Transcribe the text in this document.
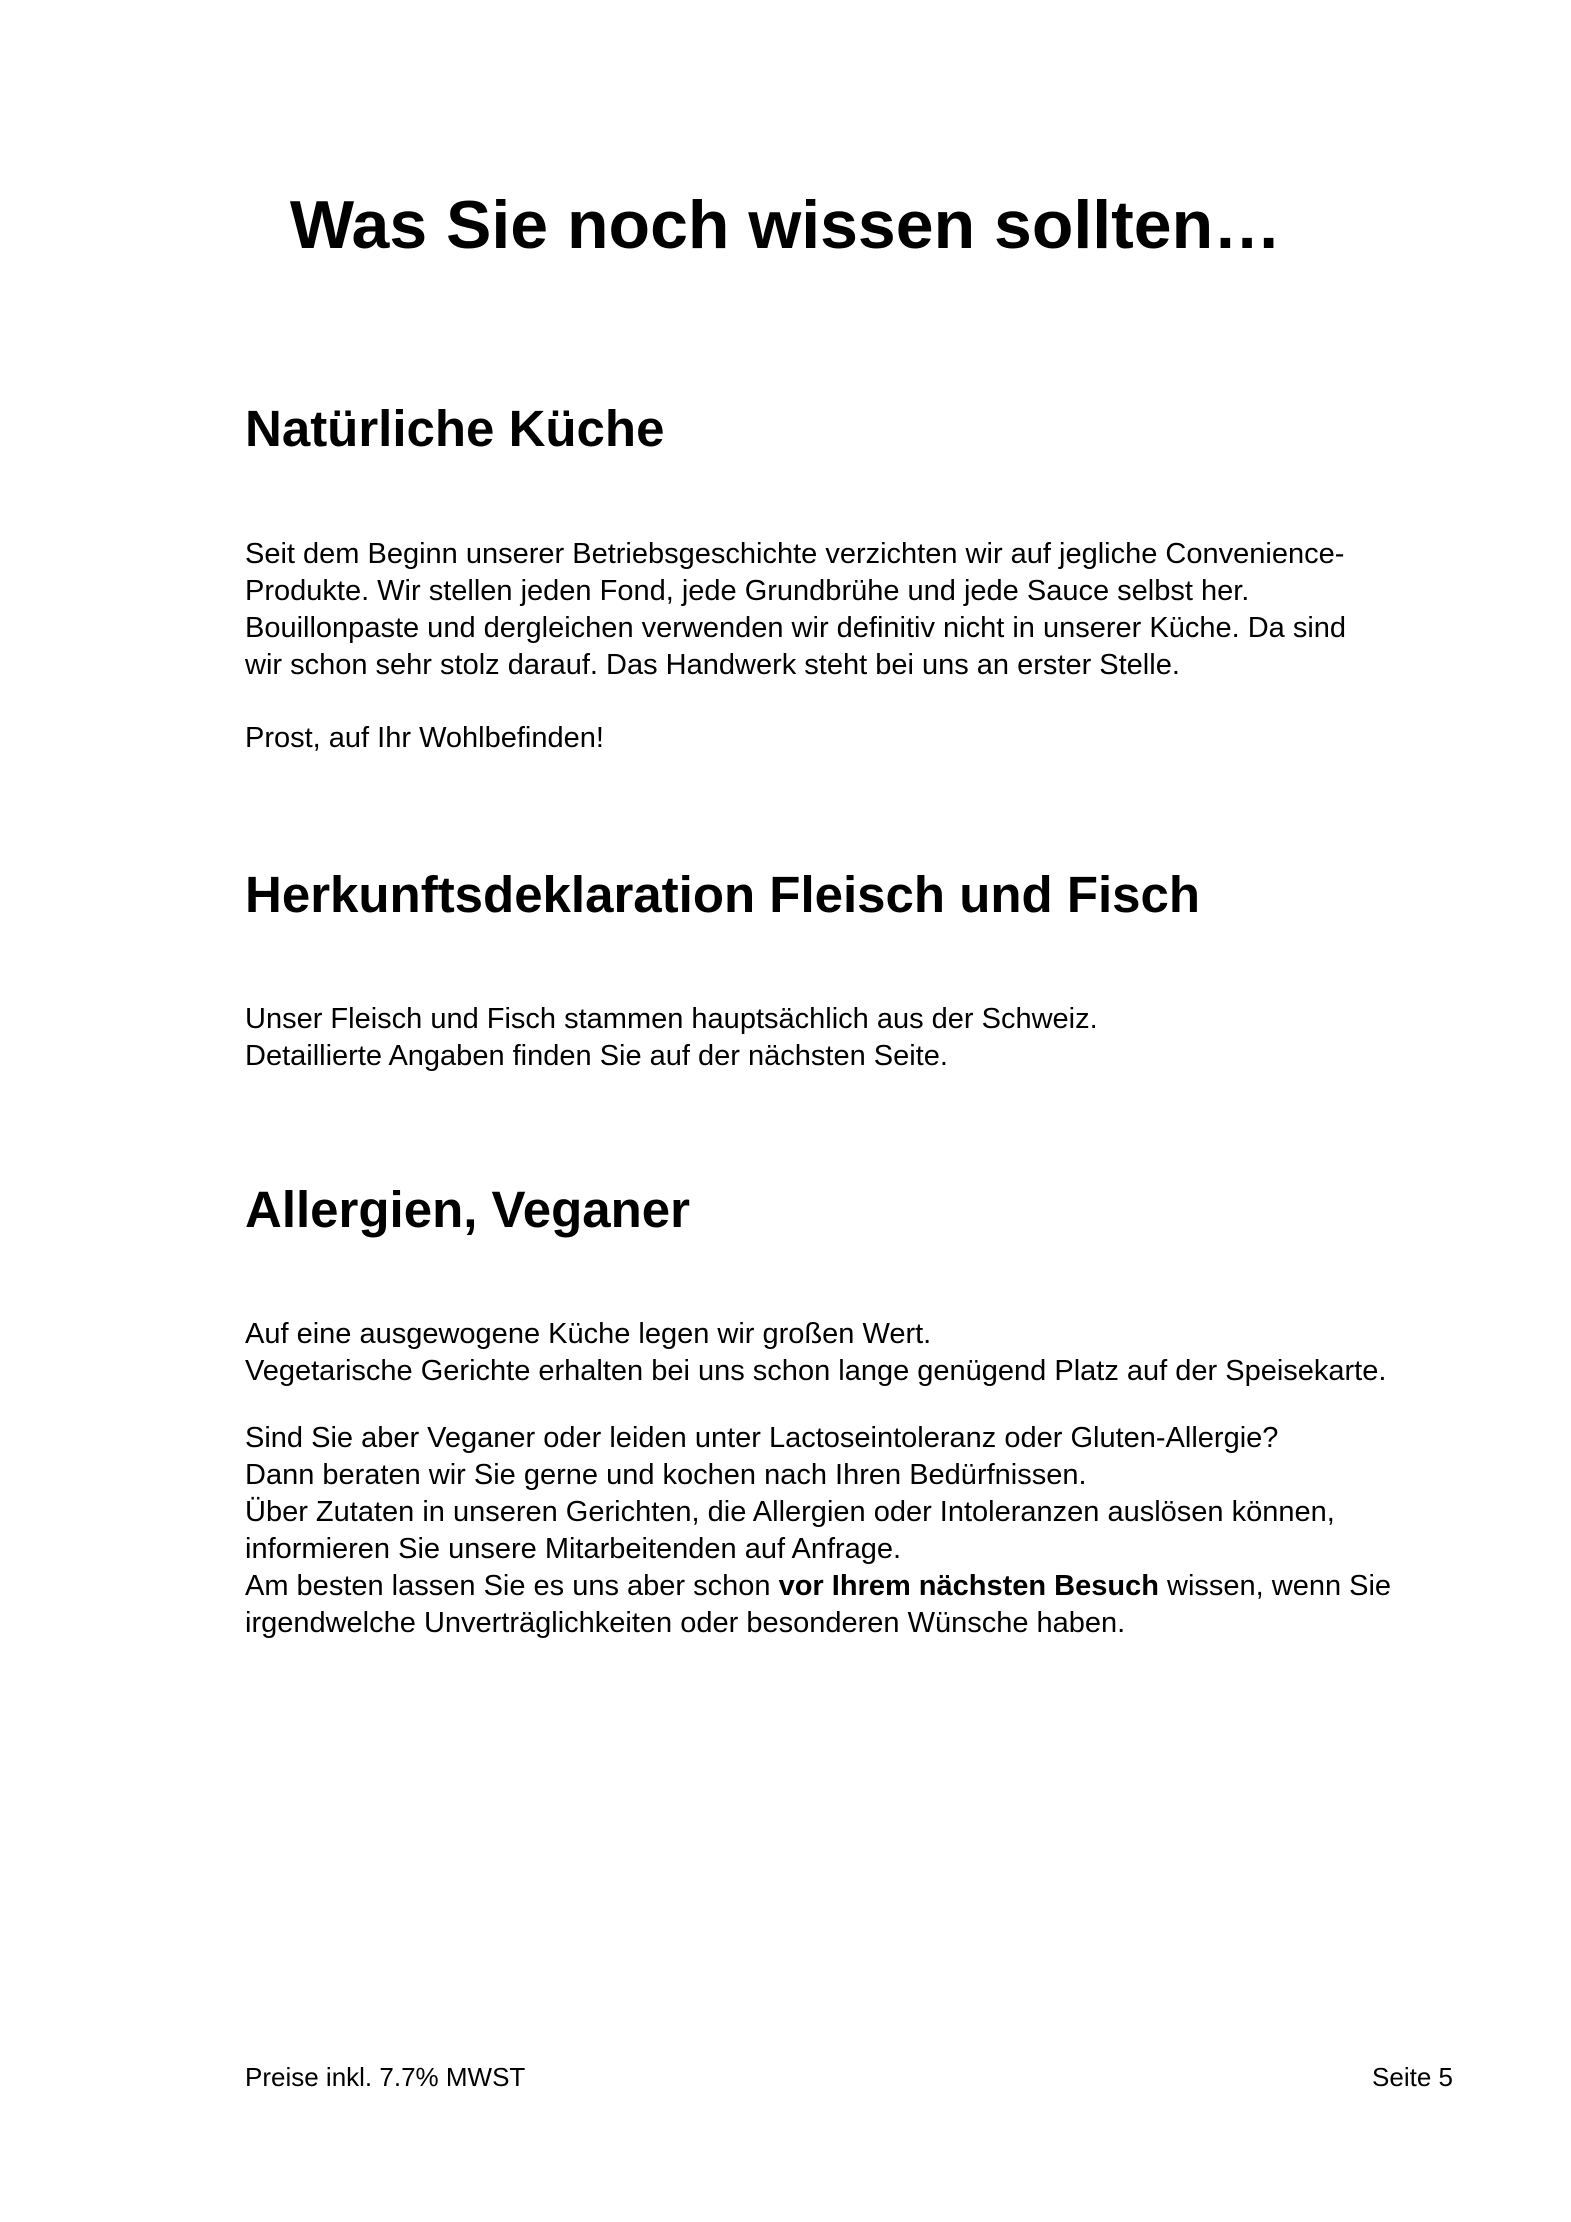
Was Sie noch wissen sollten…
Natürliche Küche

Seit dem Beginn unserer Betriebsgeschichte verzichten wir auf jegliche Convenience-
Produkte. Wir stellen jeden Fond, jede Grundbrühe und jede Sauce selbst her.
Bouillonpaste und dergleichen verwenden wir definitiv nicht in unserer Küche. Da sind
wir schon sehr stolz darauf. Das Handwerk steht bei uns an erster Stelle.

Prost, auf Ihr Wohlbefinden!

Herkunftsdeklaration Fleisch und Fisch

Unser Fleisch und Fisch stammen hauptsächlich aus der Schweiz.
Detaillierte Angaben finden Sie auf der nächsten Seite.

Allergien, Veganer

Auf eine ausgewogene Küche legen wir großen Wert.
Vegetarische Gerichte erhalten bei uns schon lange genügend Platz auf der Speisekarte.

Sind Sie aber Veganer oder leiden unter Lactoseintoleranz oder Gluten-Allergie?
Dann beraten wir Sie gerne und kochen nach Ihren Bedürfnissen.
Über Zutaten in unseren Gerichten, die Allergien oder Intoleranzen auslösen können,
informieren Sie unsere Mitarbeitenden auf Anfrage.
Am besten lassen Sie es uns aber schon vor Ihrem nächsten Besuch wissen, wenn Sie
irgendwelche Unverträglichkeiten oder besonderen Wünsche haben.

Preise inkl. 7.7% MWST	Seite 5
